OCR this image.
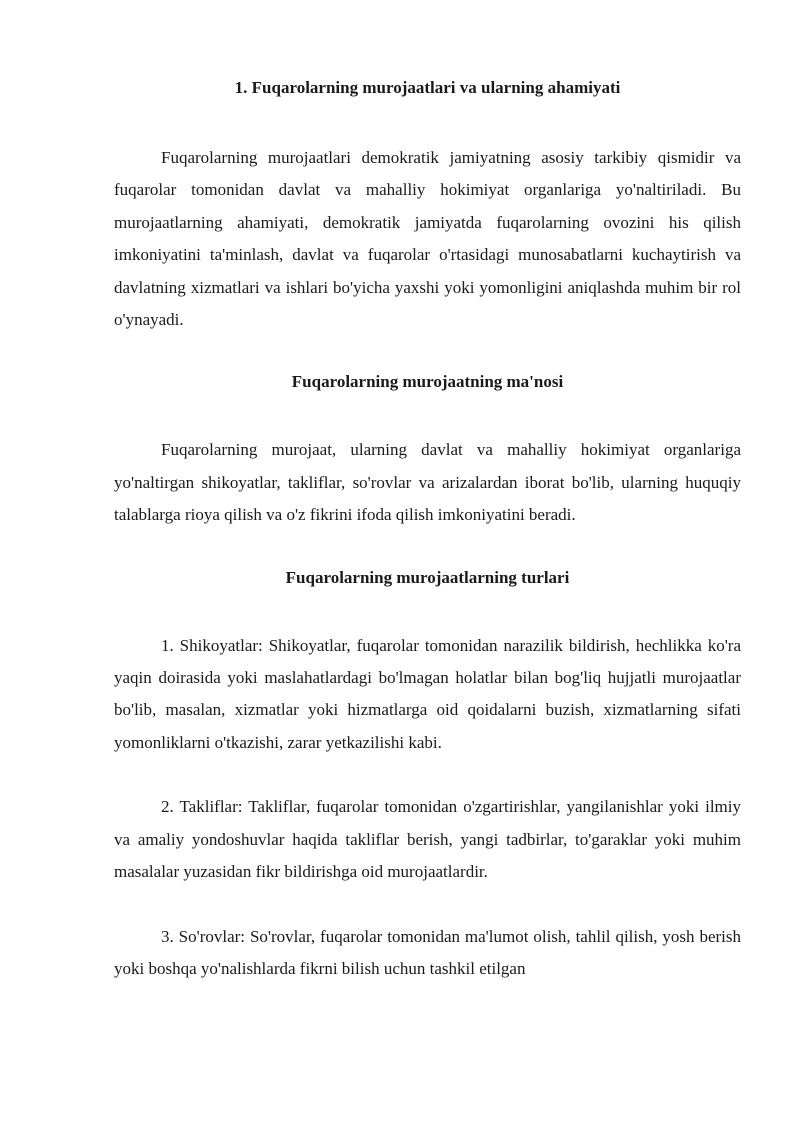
1. Fuqarolarning murojaatlari va ularning ahamiyati

Fuqarolarning murojaatlari demokratik jamiyatning asosiy tarkibiy qismidir va fuqarolar tomonidan davlat va mahalliy hokimiyat organlariga yo'naltiriladi. Bu murojaatlarning ahamiyati, demokratik jamiyatda fuqarolarning ovozini his qilish imkoniyatini ta'minlash, davlat va fuqarolar o'rtasidagi munosabatlarni kuchaytirish va davlatning xizmatlari va ishlari bo'yicha yaxshi yoki yomonligini aniqlashda muhim bir rol o'ynayadi.

Fuqarolarning murojaatning ma'nosi

Fuqarolarning murojaat, ularning davlat va mahalliy hokimiyat organlariga yo'naltirgan shikoyatlar, takliflar, so'rovlar va arizalardan iborat bo'lib, ularning huquqiy talablarga rioya qilish va o'z fikrini ifoda qilish imkoniyatini beradi.

Fuqarolarning murojaatlarning turlari

1. Shikoyatlar: Shikoyatlar, fuqarolar tomonidan narazilik bildirish, hechlikka ko'ra yaqin doirasida yoki maslahatlardagi bo'lmagan holatlar bilan bog'liq hujjatli murojaatlar bo'lib, masalan, xizmatlar yoki hizmatlarga oid qoidalarni buzish, xizmatlarning sifati yomonliklarni o'tkazishi, zarar yetkazilishi kabi.

2. Takliflar: Takliflar, fuqarolar tomonidan o'zgartirishlar, yangilanishlar yoki ilmiy va amaliy yondoshuvlar haqida takliflar berish, yangi tadbirlar, to'garaklar yoki muhim masalalar yuzasidan fikr bildirishga oid murojaatlardir.

3. So'rovlar: So'rovlar, fuqarolar tomonidan ma'lumot olish, tahlil qilish, yosh berish yoki boshqa yo'nalishlarda fikrni bilish uchun tashkil etilgan
